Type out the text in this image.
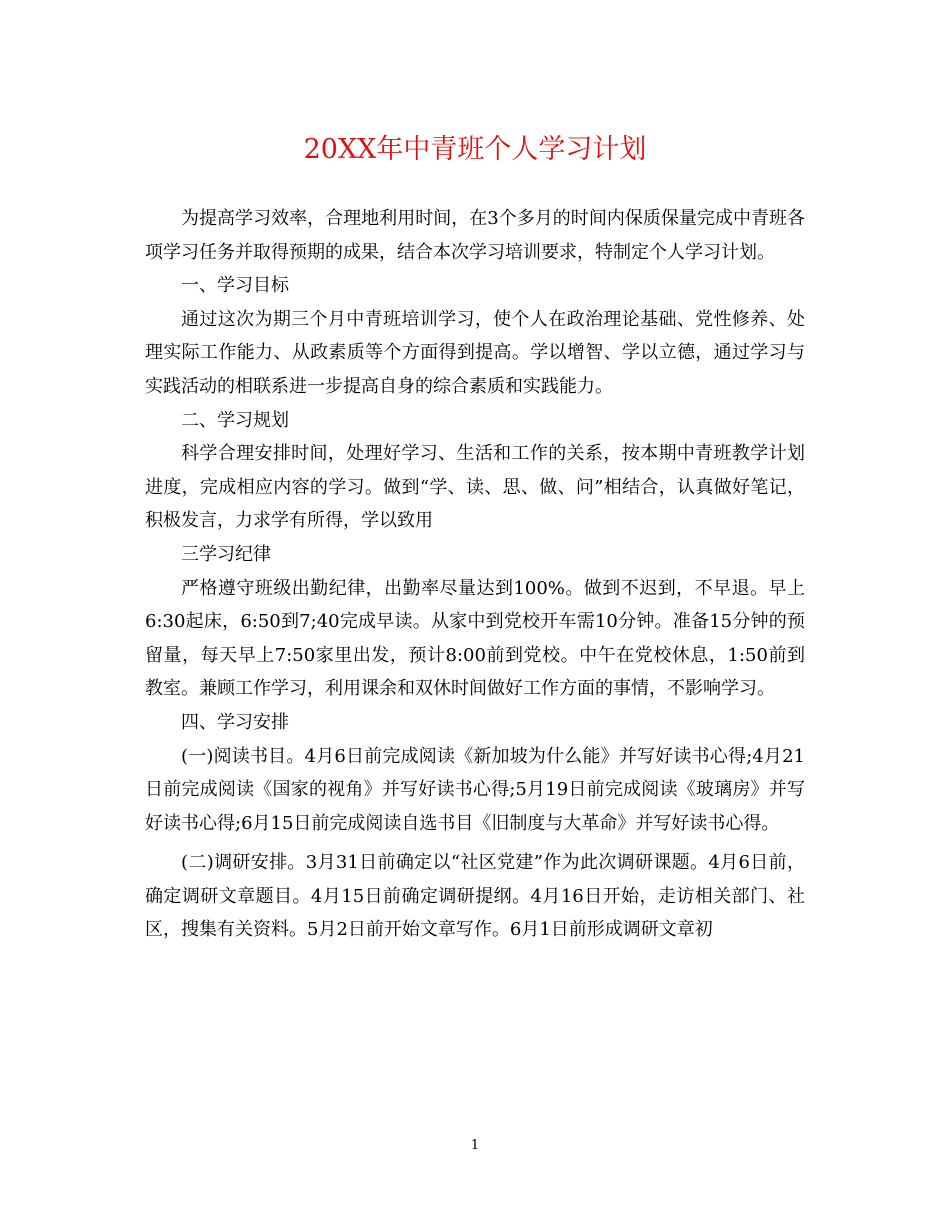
20XX年中青班个人学习计划

为提高学习效率，合理地利用时间，在3个多月的时间内保质保量完成中青班各项学习任务并取得预期的成果，结合本次学习培训要求，特制定个人学习计划。

一、学习目标

通过这次为期三个月中青班培训学习，使个人在政治理论基础、党性修养、处理实际工作能力、从政素质等个方面得到提高。学以增智、学以立德，通过学习与实践活动的相联系进一步提高自身的综合素质和实践能力。

二、学习规划

科学合理安排时间，处理好学习、生活和工作的关系，按本期中青班教学计划进度，完成相应内容的学习。做到“学、读、思、做、问”相结合，认真做好笔记，积极发言，力求学有所得，学以致用

三学习纪律

严格遵守班级出勤纪律，出勤率尽量达到100%。做到不迟到，不早退。早上6:30起床，6:50到7;40完成早读。从家中到党校开车需10分钟。准备15分钟的预留量，每天早上7:50家里出发，预计8:00前到党校。中午在党校休息，1:50前到教室。兼顾工作学习，利用课余和双休时间做好工作方面的事情，不影响学习。

四、学习安排

(一)阅读书目。4月6日前完成阅读《新加坡为什么能》并写好读书心得;4月21日前完成阅读《国家的视角》并写好读书心得;5月19日前完成阅读《玻璃房》并写好读书心得;6月15日前完成阅读自选书目《旧制度与大革命》并写好读书心得。

(二)调研安排。3月31日前确定以“社区党建”作为此次调研课题。4月6日前，确定调研文章题目。4月15日前确定调研提纲。4月16日开始，走访相关部门、社区，搜集有关资料。5月2日前开始文章写作。6月1日前形成调研文章初

1
